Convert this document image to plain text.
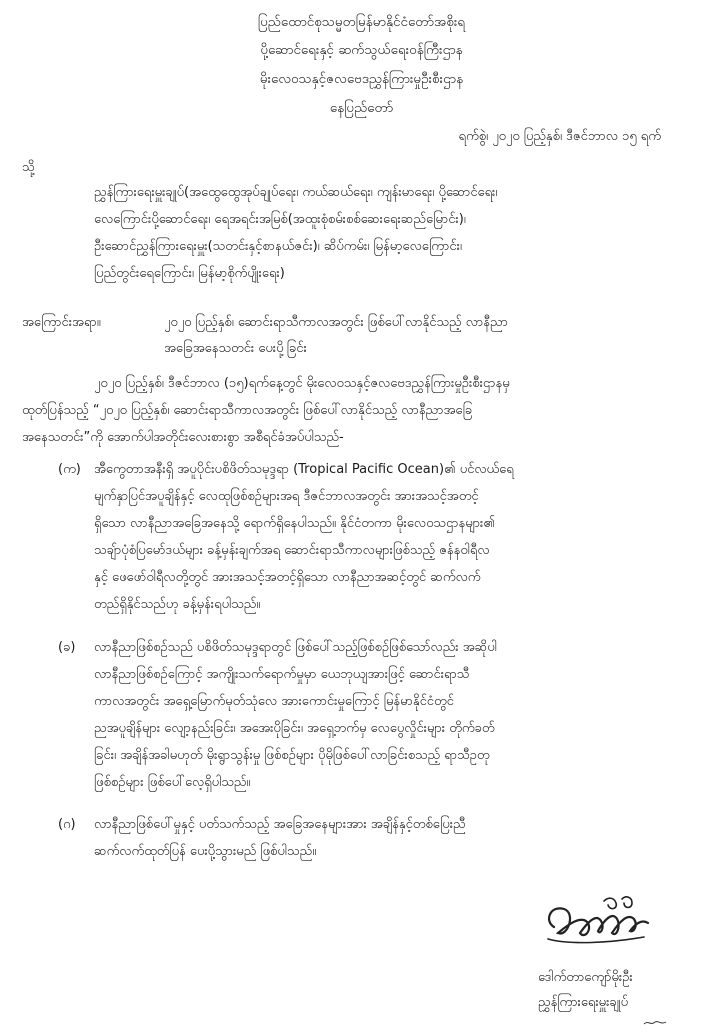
ပြည်ထောင်စုသမ္မတမြန်မာနိုင်ငံတော်အစိုးရ
ပို့ဆောင်ရေးနှင့် ဆက်သွယ်ရေးဝန်ကြီးဌာန
မိုးလေဝသနှင့်ဇလဗေဒညွှန်ကြားမှုဦးစီးဌာန
နေပြည်တော်
ရက်စွဲ၊ ၂၀၂၀ ပြည့်နှစ်၊ ဒီဇင်ဘာလ ၁၅ ရက်
သို့
ညွှန်ကြားရေးမှူးချုပ်(အထွေထွေအုပ်ချုပ်ရေး၊ ကယ်ဆယ်ရေး၊ ကျန်းမာရေး၊ ပို့ဆောင်ရေး၊
လေကြောင်းပို့ဆောင်ရေး၊ ရေအရင်းအမြစ်(အထူးစုံစမ်းစစ်ဆေးရေးဆည်မြောင်း)၊
ဦးဆောင်ညွှန်ကြားရေးမှူး(သတင်းနှင့်စာနယ်ဇင်း)၊ ဆိပ်ကမ်း၊ မြန်မာ့လေကြောင်း၊
ပြည်တွင်းရေကြောင်း၊ မြန်မာ့စိုက်ပျိုးရေး)
အကြောင်းအရာ။	၂၀၂၀ ပြည့်နှစ်၊ ဆောင်းရာသီကာလအတွင်း ဖြစ်ပေါ်လာနိုင်သည့် လာနီညာ
အခြေအနေသတင်း ပေးပို့ခြင်း
၂၀၂၀ ပြည့်နှစ်၊ ဒီဇင်ဘာလ (၁၅)ရက်နေ့တွင် မိုးလေဝသနှင့်ဇလဗေဒညွှန်ကြားမှုဦးစီးဌာနမှ
ထုတ်ပြန်သည့် “၂၀၂၀ ပြည့်နှစ်၊ ဆောင်းရာသီကာလအတွင်း ဖြစ်ပေါ်လာနိုင်သည့် လာနီညာအခြေ
အနေသတင်း”ကို အောက်ပါအတိုင်းလေးစားစွာ အစီရင်ခံအပ်ပါသည်-
(က) အီကွေတာအနီးရှိ အပူပိုင်းပစိဖိတ်သမုဒ္ဒရာ (Tropical Pacific Ocean)၏ ပင်လယ်ရေ
မျက်နှာပြင်အပူချိန်နှင့် လေထုဖြစ်စဉ်များအရ ဒီဇင်ဘာလအတွင်း အားအသင့်အတင့်
ရှိသော လာနီညာအခြေအနေသို့ ရောက်ရှိနေပါသည်။ နိုင်ငံတကာ မိုးလေဝသဌာနများ၏
သချ်ာပုံစံပြမော်ဒယ်များ ခန့်မှန်းချက်အရ ဆောင်းရာသီကာလများဖြစ်သည့် ဇန်နဝါရီလ
နှင့် ဖေဖော်ဝါရီလတို့တွင် အားအသင့်အတင့်ရှိသော လာနီညာအဆင့်တွင် ဆက်လက်
တည်ရှိနိုင်သည်ဟု ခန့်မှန်းရပါသည်။
(ခ) လာနီညာဖြစ်စဉ်သည် ပစိဖိတ်သမုဒ္ဒရာတွင် ဖြစ်ပေါ်သည့်ဖြစ်စဉ်ဖြစ်သော်လည်း အဆိုပါ
လာနီညာဖြစ်စဉ်ကြောင့် အကျိုးသက်ရောက်မှုမှာ ယေဘုယျအားဖြင့် ဆောင်းရာသီ
ကာလအတွင်း အရှေ့မြောက်မုတ်သုံလေ အားကောင်းမှုကြောင့် မြန်မာနိုင်ငံတွင်
ညအပူချိန်များ လျော့နည်းခြင်း၊ အအေးပိုခြင်း၊ အရှေ့ဘက်မှ လေပွေလှိုင်းများ တိုက်ခတ်
ခြင်း၊ အချိန်အခါမဟုတ် မိုးရွာသွန်းမှု ဖြစ်စဉ်များ ပိုမိုဖြစ်ပေါ်လာခြင်းစသည့် ရာသီဥတု
ဖြစ်စဉ်များ ဖြစ်ပေါ်လေ့ရှိပါသည်။
(ဂ) လာနီညာဖြစ်ပေါ်မှုနှင့် ပတ်သက်သည့် အခြေအနေများအား အချိန်နှင့်တစ်ပြေးညီ
ဆက်လက်ထုတ်ပြန် ပေးပို့သွားမည် ဖြစ်ပါသည်။
ဒေါက်တာကျော်မိုးဦး
ညွှန်ကြားရေးမှူးချုပ်
